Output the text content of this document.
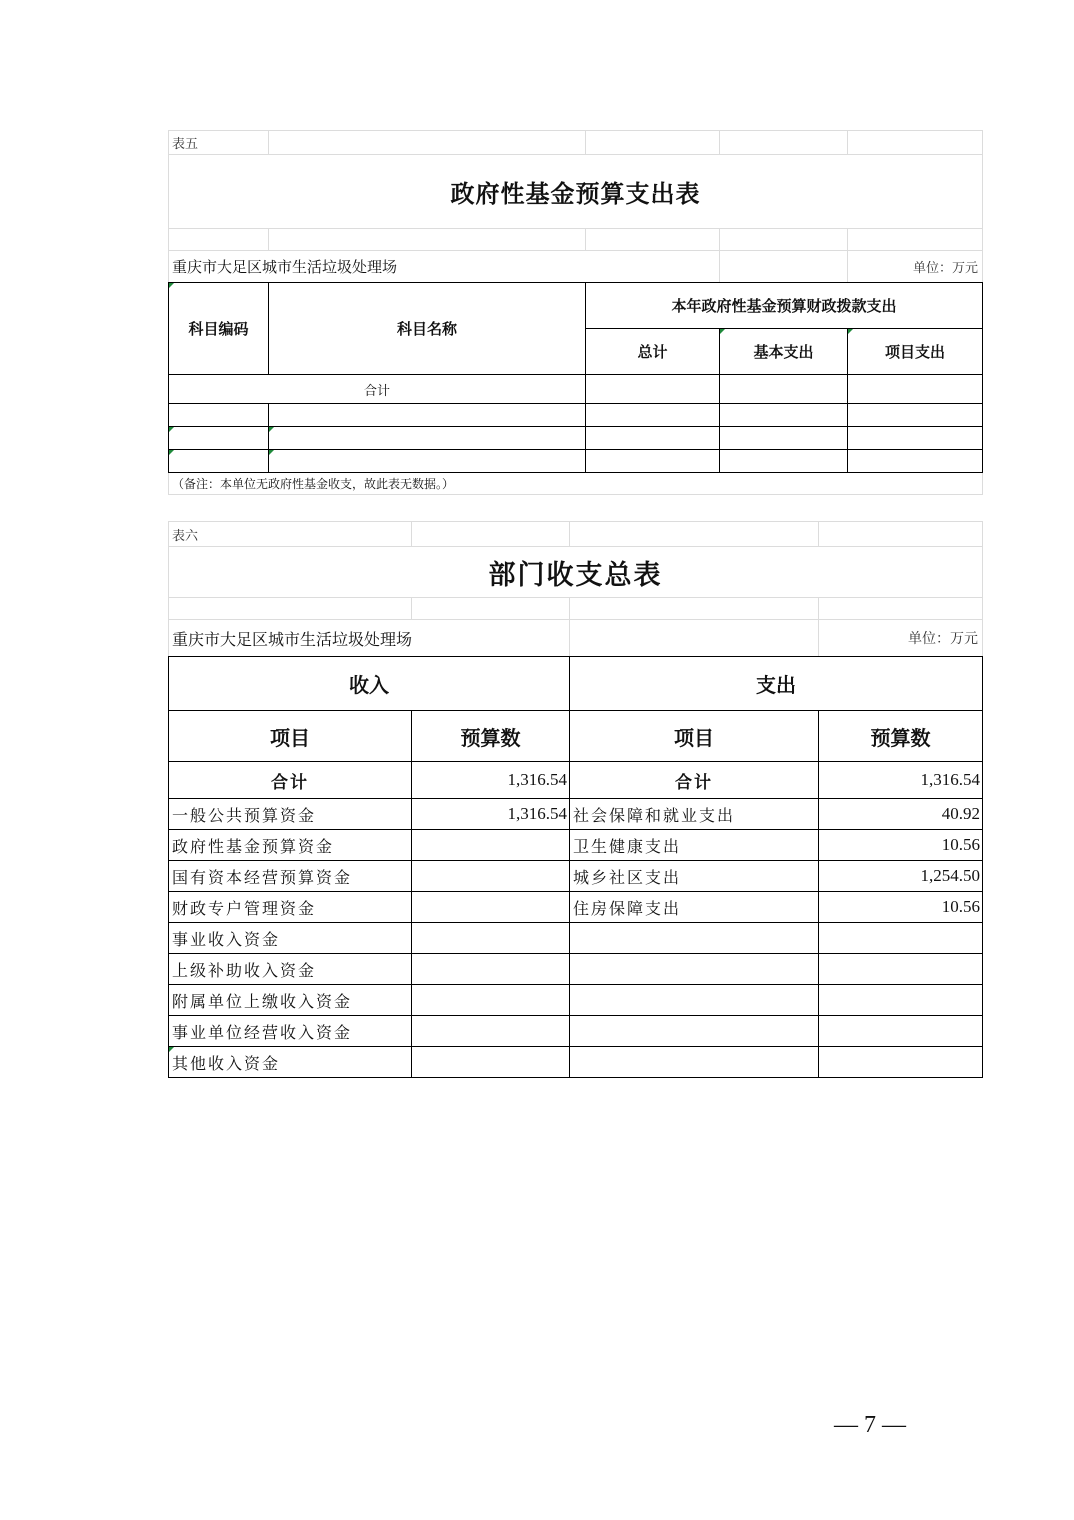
表五				
政府性基金预算支出表				

重庆市大足区城市生活垃圾处理场				单位：万元
科目编码	科目名称	本年政府性基金预算财政拨款支出		
		总计	基本支出	项目支出
合计				

（备注：本单位无政府性基金收支，故此表无数据。）				
表六			
部门收支总表			

重庆市大足区城市生活垃圾处理场			单位：万元
收入		支出	
项目	预算数	项目	预算数
合计	1,316.54	合计	1,316.54
一般公共预算资金	1,316.54	社会保障和就业支出	40.92
政府性基金预算资金		卫生健康支出	10.56
国有资本经营预算资金		城乡社区支出	1,254.50
财政专户管理资金		住房保障支出	10.56
事业收入资金			
上级补助收入资金			
附属单位上缴收入资金			
事业单位经营收入资金			
其他收入资金			
— 7 —
